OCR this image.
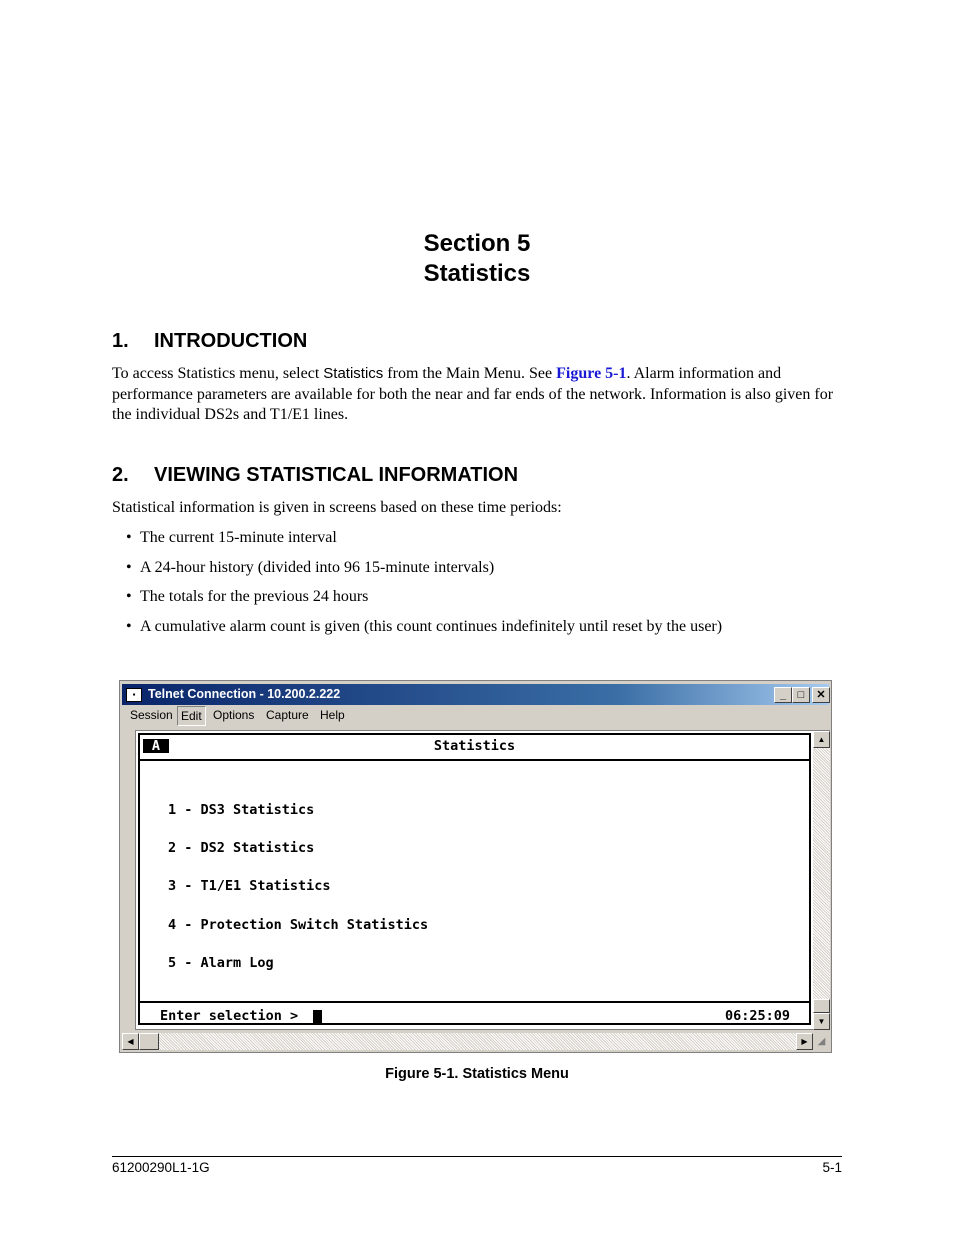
Section 5
Statistics
1. INTRODUCTION
To access Statistics menu, select Statistics from the Main Menu. See Figure 5-1. Alarm information and performance parameters are available for both the near and far ends of the network. Information is also given for the individual DS2s and T1/E1 lines.
2. VIEWING STATISTICAL INFORMATION
Statistical information is given in screens based on these time periods:
• The current 15-minute interval
• A 24-hour history (divided into 96 15-minute intervals)
• The totals for the previous 24 hours
• A cumulative alarm count is given (this count continues indefinitely until reset by the user)
▪	Telnet Connection - 10.200.2.222	_	□	✕
Session Edit Options Capture Help
A	Statistics

1 - DS3 Statistics

2 - DS2 Statistics

3 - T1/E1 Statistics

4 - Protection Switch Statistics

5 - Alarm Log

Enter selection >	06:25:09
▲
▼
◀	▶	◢
Figure 5-1. Statistics Menu
61200290L1-1G	5-1
